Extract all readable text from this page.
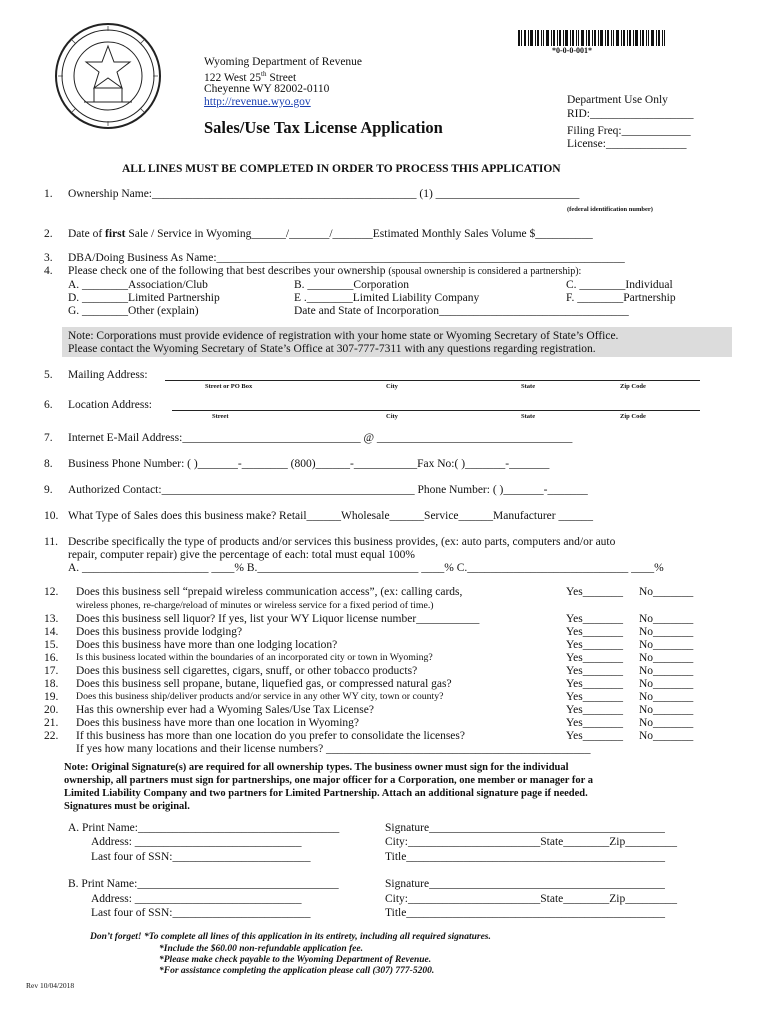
*0-0-0-001*
Wyoming Department of Revenue
122 West 25th Street
Cheyenne WY 82002-0110
http://revenue.wyo.gov
Sales/Use Tax License Application
Department Use Only
RID:__________________
Filing Freq:____________
License:______________
ALL LINES MUST BE COMPLETED IN ORDER TO PROCESS THIS APPLICATION
1. Ownership Name:______________________________________________ (1) _________________________
(federal identification number)
2. Date of first Sale / Service in Wyoming______/_______/_______Estimated Monthly Sales Volume $__________
3. DBA/Doing Business As Name:_______________________________________________________________________
4. Please check one of the following that best describes your ownership (spousal ownership is considered a partnership):
A. ________Association/Club	B. ________Corporation	C. ________Individual
D. ________Limited Partnership	E .________Limited Liability Company	F. ________Partnership
G. ________Other (explain)	Date and State of Incorporation_________________________________
Note: Corporations must provide evidence of registration with your home state or Wyoming Secretary of State’s Office.
Please contact the Wyoming Secretary of State’s Office at 307-777-7311 with any questions regarding registration.
5. Mailing Address:
Street or PO Box	City	State	Zip Code
6. Location Address:
Street	City	State	Zip Code
7. Internet E-Mail Address:_______________________________ @ __________________________________
8. Business Phone Number: ( )_______-________ (800)______-___________Fax No:( )_______-_______
9. Authorized Contact:____________________________________________ Phone Number: ( )_______-_______
10. What Type of Sales does this business make? Retail______Wholesale______Service______Manufacturer ______
11. Describe specifically the type of products and/or services this business provides, (ex: auto parts, computers and/or auto
repair, computer repair) give the percentage of each: total must equal 100%
A. ______________________ ____% B.____________________________ ____% C.____________________________ ____%
12. Does this business sell “prepaid wireless communication access”, (ex: calling cards,	Yes_______ No_______
wireless phones, re-charge/reload of minutes or wireless service for a fixed period of time.)
13. Does this business sell liquor? If yes, list your WY Liquor license number___________	Yes_______ No_______
14. Does this business provide lodging?	Yes_______ No_______
15. Does this business have more than one lodging location?	Yes_______ No_______
16. Is this business located within the boundaries of an incorporated city or town in Wyoming?	Yes_______ No_______
17. Does this business sell cigarettes, cigars, snuff, or other tobacco products?	Yes_______ No_______
18. Does this business sell propane, butane, liquefied gas, or compressed natural gas?	Yes_______ No_______
19. Does this business ship/deliver products and/or service in any other WY city, town or county?	Yes_______ No_______
20. Has this ownership ever had a Wyoming Sales/Use Tax License?	Yes_______ No_______
21. Does this business have more than one location in Wyoming?	Yes_______ No_______
22. If this business has more than one location do you prefer to consolidate the licenses?	Yes_______ No_______
If yes how many locations and their license numbers? ______________________________________________
Note: Original Signature(s) are required for all ownership types. The business owner must sign for the individual
ownership, all partners must sign for partnerships, one major officer for a Corporation, one member or manager for a
Limited Liability Company and two partners for Limited Partnership. Attach an additional signature page if needed.
Signatures must be original.
A. Print Name:___________________________________
Address: _____________________________
Last four of SSN:________________________
Signature_________________________________________
City:_______________________State________Zip_________
Title_____________________________________________
B. Print Name:___________________________________
Address: _____________________________
Last four of SSN:________________________
Signature_________________________________________
City:_______________________State________Zip_________
Title_____________________________________________
Don’t forget! *To complete all lines of this application in its entirety, including all required signatures.
*Include the $60.00 non-refundable application fee.
*Please make check payable to the Wyoming Department of Revenue.
*For assistance completing the application please call (307) 777-5200.
Rev 10/04/2018
